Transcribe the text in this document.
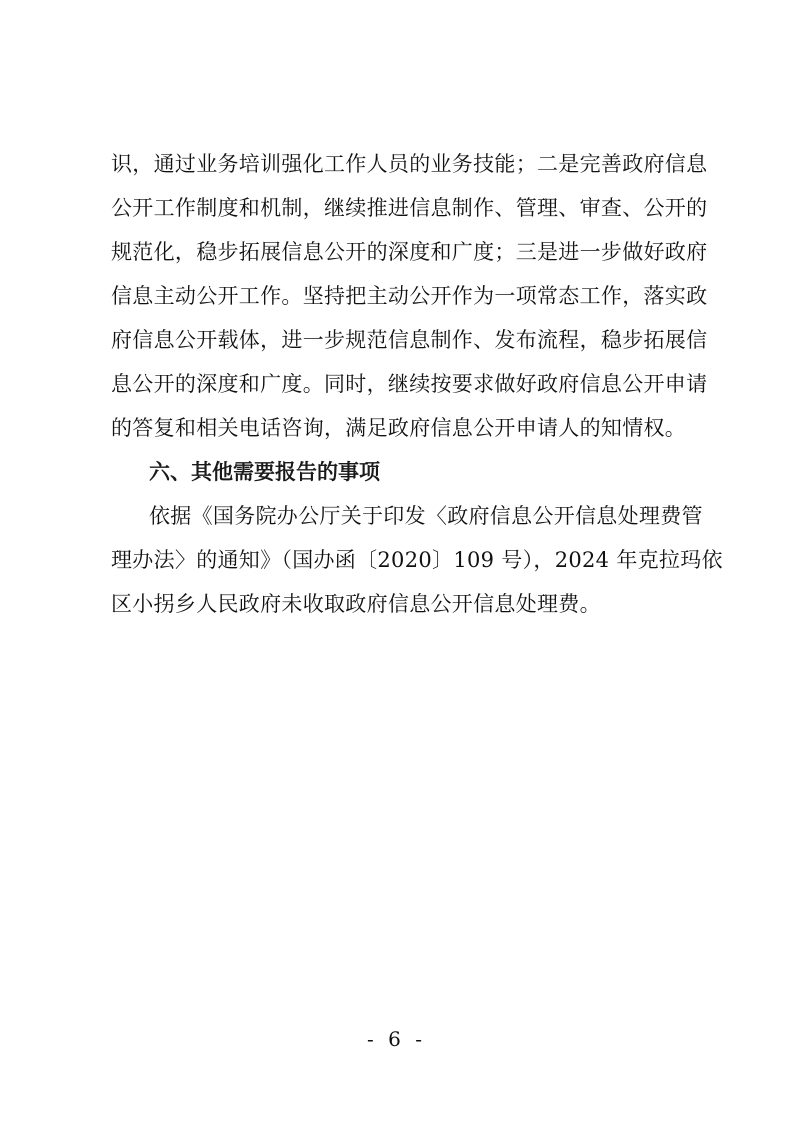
识，通过业务培训强化工作人员的业务技能；二是完善政府信息
公开工作制度和机制，继续推进信息制作、管理、审查、公开的
规范化，稳步拓展信息公开的深度和广度；三是进一步做好政府
信息主动公开工作。坚持把主动公开作为一项常态工作，落实政
府信息公开载体，进一步规范信息制作、发布流程，稳步拓展信
息公开的深度和广度。同时，继续按要求做好政府信息公开申请
的答复和相关电话咨询，满足政府信息公开申请人的知情权。
六、其他需要报告的事项
依据《国务院办公厅关于印发〈政府信息公开信息处理费管
理办法〉的通知》（国办函〔2020〕109 号），2024 年克拉玛依
区小拐乡人民政府未收取政府信息公开信息处理费。
- 6 -
